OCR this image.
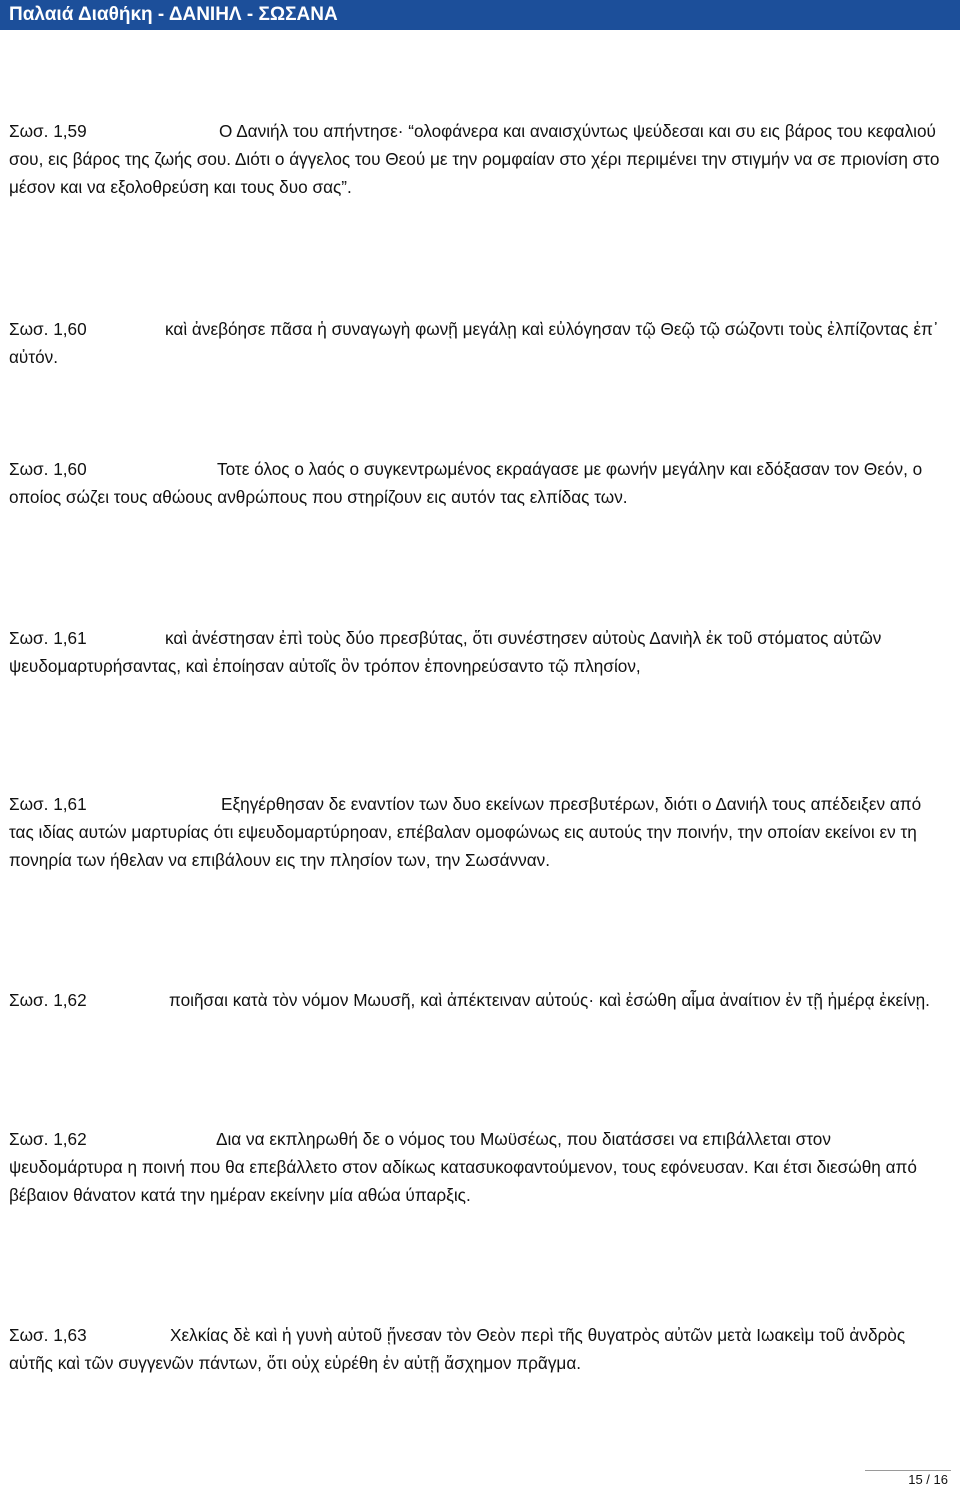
Παλαιά Διαθήκη - ΔΑΝΙΗΛ - ΣΩΣΑΝΑ
Σωσ. 1,59	Ο Δανιήλ του απήντησε· “ολοφάνερα και αναισχύντως ψεύδεσαι και συ εις βάρος του κεφαλιού σου, εις βάρος της ζωής σου. Διότι ο άγγελος του Θεού με την ρομφαίαν στο χέρι περιμένει την στιγμήν να σε πριονίση στο μέσον και να εξολοθρεύση και τους δυο σας”.
Σωσ. 1,60	καὶ ἀνεβόησε πᾶσα ἡ συναγωγὴ φωνῇ μεγάλῃ καὶ εὐλόγησαν τῷ Θεῷ τῷ σώζοντι τοὺς ἐλπίζοντας ἐπ᾿ αὐτόν.
Σωσ. 1,60	Τοτε όλος ο λαός ο συγκεντρωμένος εκραάγασε με φωνήν μεγάλην και εδόξασαν τον Θεόν, ο οποίος σώζει τους αθώους ανθρώπους που στηρίζουν εις αυτόν τας ελπίδας των.
Σωσ. 1,61	καὶ ἀνέστησαν ἐπὶ τοὺς δύο πρεσβύτας, ὅτι συνέστησεν αὐτοὺς Δανιὴλ ἐκ τοῦ στόματος αὐτῶν ψευδομαρτυρήσαντας, καὶ ἐποίησαν αὐτοῖς ὃν τρόπον ἐπονηρεύσαντο τῷ πλησίον,
Σωσ. 1,61	Εξηγέρθησαν δε εναντίον των δυο εκείνων πρεσβυτέρων, διότι ο Δανιήλ τους απέδειξεν από τας ιδίας αυτών μαρτυρίας ότι εψευδομαρτύρηοαν, επέβαλαν ομοφώνως εις αυτούς την ποινήν, την οποίαν εκείνοι εν τη πονηρία των ήθελαν να επιβάλουν εις την πλησίον των, την Σωσάνναν.
Σωσ. 1,62	ποιῆσαι κατὰ τὸν νόμον Μωυσῆ, καὶ ἀπέκτειναν αὐτούς· καὶ ἐσώθη αἷμα ἀναίτιον ἐν τῇ ἡμέρᾳ ἐκείνῃ.
Σωσ. 1,62	Δια να εκπληρωθή δε ο νόμος του Μωϋσέως, που διατάσσει να επιβάλλεται στον ψευδομάρτυρα η ποινή που θα επεβάλλετο στον αδίκως κατασυκοφαντούμενον, τους εφόνευσαν. Και έτσι διεσώθη από βέβαιον θάνατον κατά την ημέραν εκείνην μία αθώα ύπαρξις.
Σωσ. 1,63	Χελκίας δὲ καὶ ἡ γυνὴ αὐτοῦ ᾔνεσαν τὸν Θεὸν περὶ τῆς θυγατρὸς αὐτῶν μετὰ Ιωακεὶμ τοῦ ἀνδρὸς αὐτῆς καὶ τῶν συγγενῶν πάντων, ὅτι οὐχ εὑρέθη ἐν αὐτῇ ἄσχημον πρᾶγμα.
15 / 16
